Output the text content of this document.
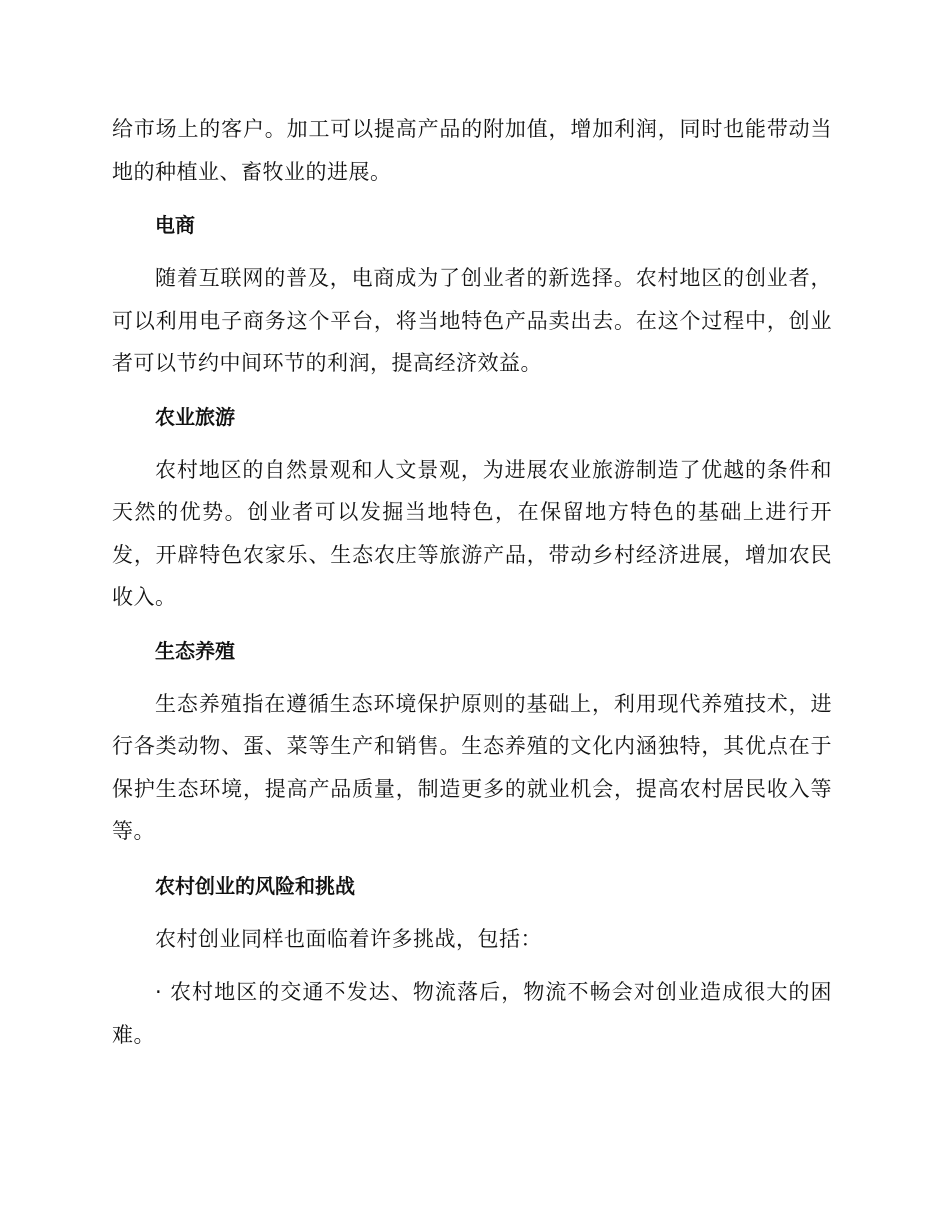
给市场上的客户。加工可以提高产品的附加值，增加利润，同时也能带动当地的种植业、畜牧业的进展。

电商

随着互联网的普及，电商成为了创业者的新选择。农村地区的创业者，可以利用电子商务这个平台，将当地特色产品卖出去。在这个过程中，创业者可以节约中间环节的利润，提高经济效益。

农业旅游

农村地区的自然景观和人文景观，为进展农业旅游制造了优越的条件和天然的优势。创业者可以发掘当地特色，在保留地方特色的基础上进行开发，开辟特色农家乐、生态农庄等旅游产品，带动乡村经济进展，增加农民收入。

生态养殖

生态养殖指在遵循生态环境保护原则的基础上，利用现代养殖技术，进行各类动物、蛋、菜等生产和销售。生态养殖的文化内涵独特，其优点在于保护生态环境，提高产品质量，制造更多的就业机会，提高农村居民收入等等。

农村创业的风险和挑战

农村创业同样也面临着许多挑战，包括：

· 农村地区的交通不发达、物流落后，物流不畅会对创业造成很大的困难。
